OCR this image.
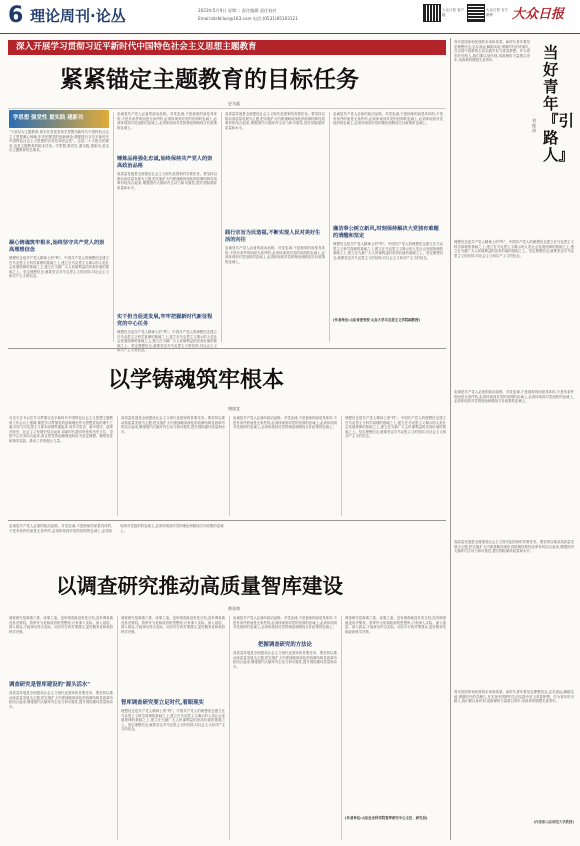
6 理论周刊·论丛	2023年5月9日 星期二 责任编辑 责任校对
Email:dzrblilun@163.com 电话:(0531)85193121
大众日报 客户端
大众日报 官方微博	大众日报
深入开展学习贯彻习近平新时代中国特色社会主义思想主题教育
紧紧锚定主题教育的目标任务
史为磊
学思想 强党性 重实践 建新功
"干部以为主题教育,根本任务是坚持学思想用新时代中国特色社会主义思想凝心铸魂,牢牢把握党的创新理论,增强践行习近平新时代中国特色社会主义思想的自觉性和坚定性"。这是二十大报告的要求,也是主题教育的根本任务。学思想,强党性,重实践,建新功,是这次主题教育的总要求。
凝心铸魂筑牢根本,始终坚守共产党人的崇高理想信念
理想信念是共产党人精神上的"钙"。中国共产党人的理想信念建立在马克思主义科学真理的基础之上,建立在马克思主义揭示的人类社会发展规律的基础之上,建立在为最广大人民谋利益的崇高价值的基础之上。坚定理想信念,就要坚定对马克思主义的信仰,对社会主义和共产主义的信念。
忠诚是共产党人必备的政治品格。对党忠诚,不是抽象的而是具体的,不是有条件的而是无条件的,必须体现到对党的信仰的忠诚上,必须体现到对党组织的忠诚上,必须体现到对党的理论和路线方针政策的忠诚上。
锤炼品格强化忠诚,始终保持共产党人的崇高政治品格
高质量发展是全面建设社会主义现代化国家的首要任务。要坚持以推动高质量发展为主题,把实施扩大内需战略同深化供给侧结构性改革有机结合起来,增强国内大循环内生动力和可靠性,提升国际循环质量和水平。
实干担当促进发展,牢牢把握新时代新征程党的中心任务
理想信念是共产党人精神上的"钙"。中国共产党人的理想信念建立在马克思主义科学真理的基础之上,建立在马克思主义揭示的人类社会发展规律的基础之上,建立在为最广大人民谋利益的崇高价值的基础之上。坚定理想信念,就要坚定对马克思主义的信仰,对社会主义和共产主义的信念。
高质量发展是全面建设社会主义现代化国家的首要任务。要坚持以推动高质量发展为主题,把实施扩大内需战略同深化供给侧结构性改革有机结合起来,增强国内大循环内生动力和可靠性,提升国际循环质量和水平。
践行宗旨为民造福,不断实现人民对美好生活的向往
忠诚是共产党人必备的政治品格。对党忠诚,不是抽象的而是具体的,不是有条件的而是无条件的,必须体现到对党的信仰的忠诚上,必须体现到对党组织的忠诚上,必须体现到对党的理论和路线方针政策的忠诚上。
忠诚是共产党人必备的政治品格。对党忠诚,不是抽象的而是具体的,不是有条件的而是无条件的,必须体现到对党的信仰的忠诚上,必须体现到对党组织的忠诚上,必须体现到对党的理论和路线方针政策的忠诚上。
廉洁奉公树立新风,时刻保持解决大党独有难题的清醒和坚定
理想信念是共产党人精神上的"钙"。中国共产党人的理想信念建立在马克思主义科学真理的基础之上,建立在马克思主义揭示的人类社会发展规律的基础之上,建立在为最广大人民谋利益的崇高价值的基础之上。坚定理想信念,就要坚定对马克思主义的信仰,对社会主义和共产主义的信念。
(作者单位:山东省委党校 山东大学马克思主义学院副教授)
当好青年『引路人』
刘俊涛
青年是国家和民族的未来和希望。新时代青年要坚定理想信念,志存高远,脚踏实地,勇做时代的弄潮儿,在实现中国梦的生动实践中放飞青春梦想。作为青年的引路人,我们要以身作则,用真理的力量感召青年,用真挚的情感关爱青年。
理想信念是共产党人精神上的"钙"。中国共产党人的理想信念建立在马克思主义科学真理的基础之上,建立在马克思主义揭示的人类社会发展规律的基础之上,建立在为最广大人民谋利益的崇高价值的基础之上。坚定理想信念,就要坚定对马克思主义的信仰,对社会主义和共产主义的信念。
忠诚是共产党人必备的政治品格。对党忠诚,不是抽象的而是具体的,不是有条件的而是无条件的,必须体现到对党的信仰的忠诚上,必须体现到对党组织的忠诚上,必须体现到对党的理论和路线方针政策的忠诚上。
高质量发展是全面建设社会主义现代化国家的首要任务。要坚持以推动高质量发展为主题,把实施扩大内需战略同深化供给侧结构性改革有机结合起来,增强国内大循环内生动力和可靠性,提升国际循环质量和水平。
青年是国家和民族的未来和希望。新时代青年要坚定理想信念,志存高远,脚踏实地,勇做时代的弄潮儿,在实现中国梦的生动实践中放飞青春梦想。作为青年的引路人,我们要以身作则,用真理的力量感召青年,用真挚的情感关爱青年。
(作者系山东师范大学教授)
以学铸魂筑牢根本
康加宜
习近平总书记在学习贯彻习近平新时代中国特色社会主义思想主题教育工作会议上强调,要把学习贯彻党的创新理论作为思想武装的重中之重,同学习马克思主义基本原理贯通起来,同学习党史、新中国史、改革开放史、社会主义发展史结合起来,同新时代我们所处的历史方位、党的中心任务结合起来,真正把党的创新理论转化为坚定理想、锤炼党性和指导实践、推动工作的强大力量。
高质量发展是全面建设社会主义现代化国家的首要任务。要坚持以推动高质量发展为主题,把实施扩大内需战略同深化供给侧结构性改革有机结合起来,增强国内大循环内生动力和可靠性,提升国际循环质量和水平。
忠诚是共产党人必备的政治品格。对党忠诚,不是抽象的而是具体的,不是有条件的而是无条件的,必须体现到对党的信仰的忠诚上,必须体现到对党组织的忠诚上,必须体现到对党的理论和路线方针政策的忠诚上。
理想信念是共产党人精神上的"钙"。中国共产党人的理想信念建立在马克思主义科学真理的基础之上,建立在马克思主义揭示的人类社会发展规律的基础之上,建立在为最广大人民谋利益的崇高价值的基础之上。坚定理想信念,就要坚定对马克思主义的信仰,对社会主义和共产主义的信念。
以调查研究推动高质量智库建设
黄晋鸿
忠诚是共产党人必备的政治品格。对党忠诚,不是抽象的而是具体的,不是有条件的而是无条件的,必须体现到对党的信仰的忠诚上,必须体现到对党组织的忠诚上,必须体现到对党的理论和路线方针政策的忠诚上。
调查研究是谋事之基、成事之道。没有调查就没有发言权,没有调查就没有决策权。智库作为党和政府的思想库,只有深入实际、深入基层、深入群众,才能拿出符合实际、切实可行的对策建议,更好服务党和政府科学决策。
调查研究是智库建设的"源头活水"
高质量发展是全面建设社会主义现代化国家的首要任务。要坚持以推动高质量发展为主题,把实施扩大内需战略同深化供给侧结构性改革有机结合起来,增强国内大循环内生动力和可靠性,提升国际循环质量和水平。
调查研究是谋事之基、成事之道。没有调查就没有发言权,没有调查就没有决策权。智库作为党和政府的思想库,只有深入实际、深入基层、深入群众,才能拿出符合实际、切实可行的对策建议,更好服务党和政府科学决策。
智库调查研究要立足时代,着眼现实
理想信念是共产党人精神上的"钙"。中国共产党人的理想信念建立在马克思主义科学真理的基础之上,建立在马克思主义揭示的人类社会发展规律的基础之上,建立在为最广大人民谋利益的崇高价值的基础之上。坚定理想信念,就要坚定对马克思主义的信仰,对社会主义和共产主义的信念。
忠诚是共产党人必备的政治品格。对党忠诚,不是抽象的而是具体的,不是有条件的而是无条件的,必须体现到对党的信仰的忠诚上,必须体现到对党组织的忠诚上,必须体现到对党的理论和路线方针政策的忠诚上。
把握调查研究的方法论
高质量发展是全面建设社会主义现代化国家的首要任务。要坚持以推动高质量发展为主题,把实施扩大内需战略同深化供给侧结构性改革有机结合起来,增强国内大循环内生动力和可靠性,提升国际循环质量和水平。
调查研究是谋事之基、成事之道。没有调查就没有发言权,没有调查就没有决策权。智库作为党和政府的思想库,只有深入实际、深入基层、深入群众,才能拿出符合实际、切实可行的对策建议,更好服务党和政府科学决策。
(作者单位:山东社会科学院智库研究中心主任、研究员)
